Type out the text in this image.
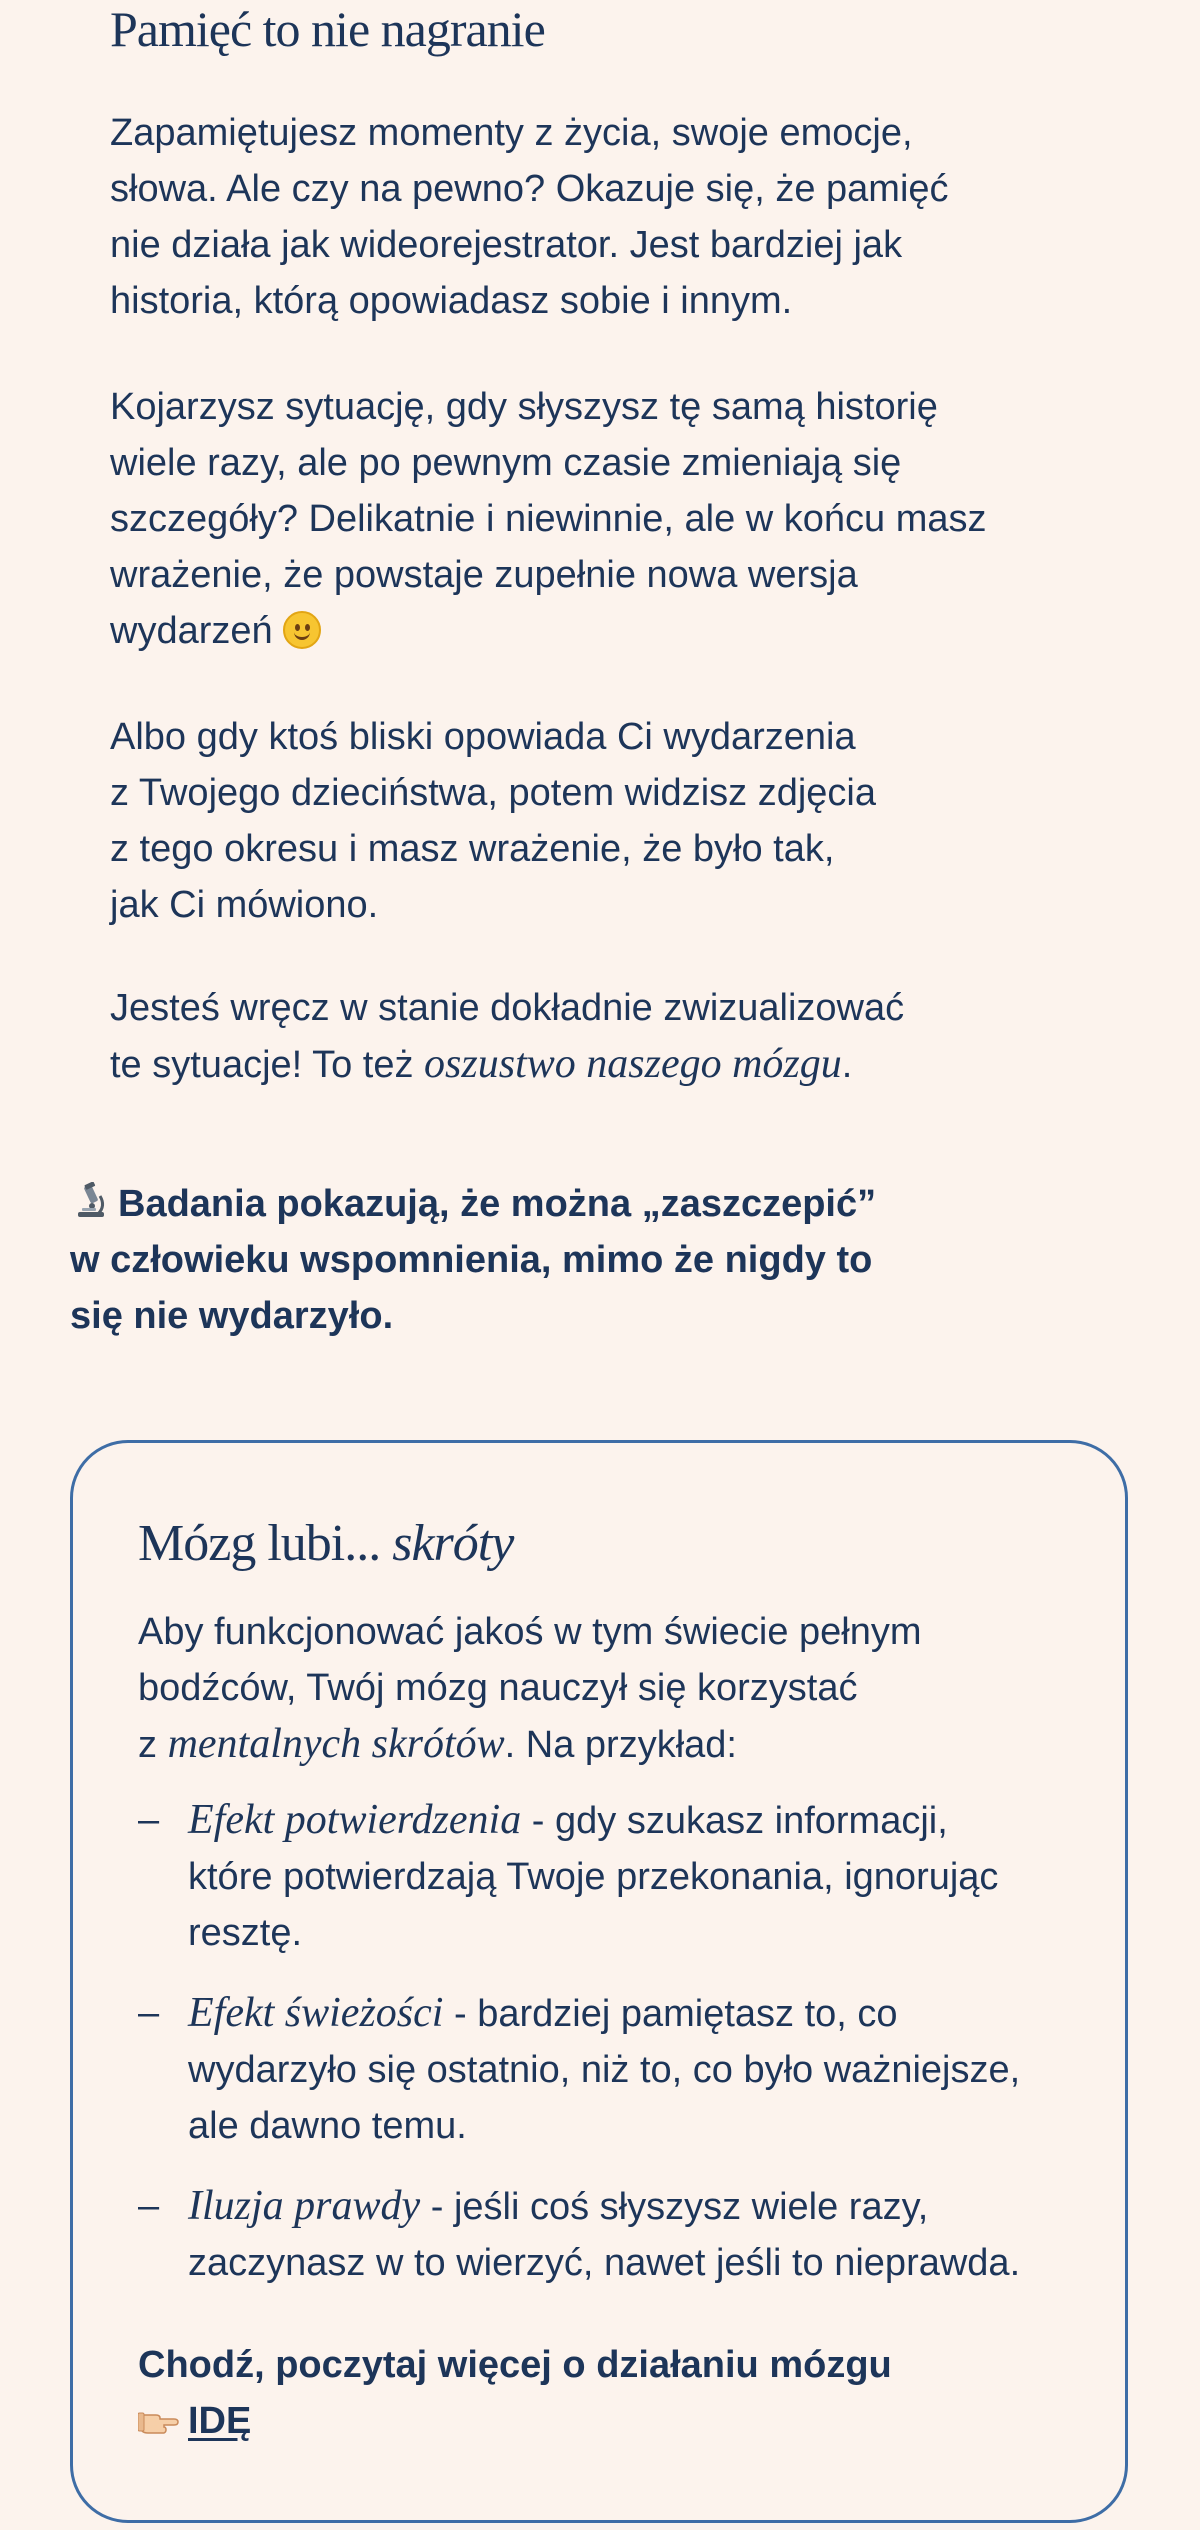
Pamięć to nie nagranie

Zapamiętujesz momenty z życia, swoje emocje,
słowa. Ale czy na pewno? Okazuje się, że pamięć
nie działa jak wideorejestrator. Jest bardziej jak
historia, którą opowiadasz sobie i innym.

Kojarzysz sytuację, gdy słyszysz tę samą historię
wiele razy, ale po pewnym czasie zmieniają się
szczegóły? Delikatnie i niewinnie, ale w końcu masz
wrażenie, że powstaje zupełnie nowa wersja
wydarzeń

Albo gdy ktoś bliski opowiada Ci wydarzenia
z Twojego dzieciństwa, potem widzisz zdjęcia
z tego okresu i masz wrażenie, że było tak,
jak Ci mówiono.

Jesteś wręcz w stanie dokładnie zwizualizować
te sytuacje! To też oszustwo naszego mózgu.

Badania pokazują, że można „zaszczepić”
w człowieku wspomnienia, mimo że nigdy to
się nie wydarzyło.

Mózg lubi... skróty

Aby funkcjonować jakoś w tym świecie pełnym
bodźców, Twój mózg nauczył się korzystać
z mentalnych skrótów. Na przykład:

– Efekt potwierdzenia - gdy szukasz informacji,
które potwierdzają Twoje przekonania, ignorując
resztę.
– Efekt świeżości - bardziej pamiętasz to, co
wydarzyło się ostatnio, niż to, co było ważniejsze,
ale dawno temu.
– Iluzja prawdy - jeśli coś słyszysz wiele razy,
zaczynasz w to wierzyć, nawet jeśli to nieprawda.

Chodź, poczytaj więcej o działaniu mózgu
IDĘ
